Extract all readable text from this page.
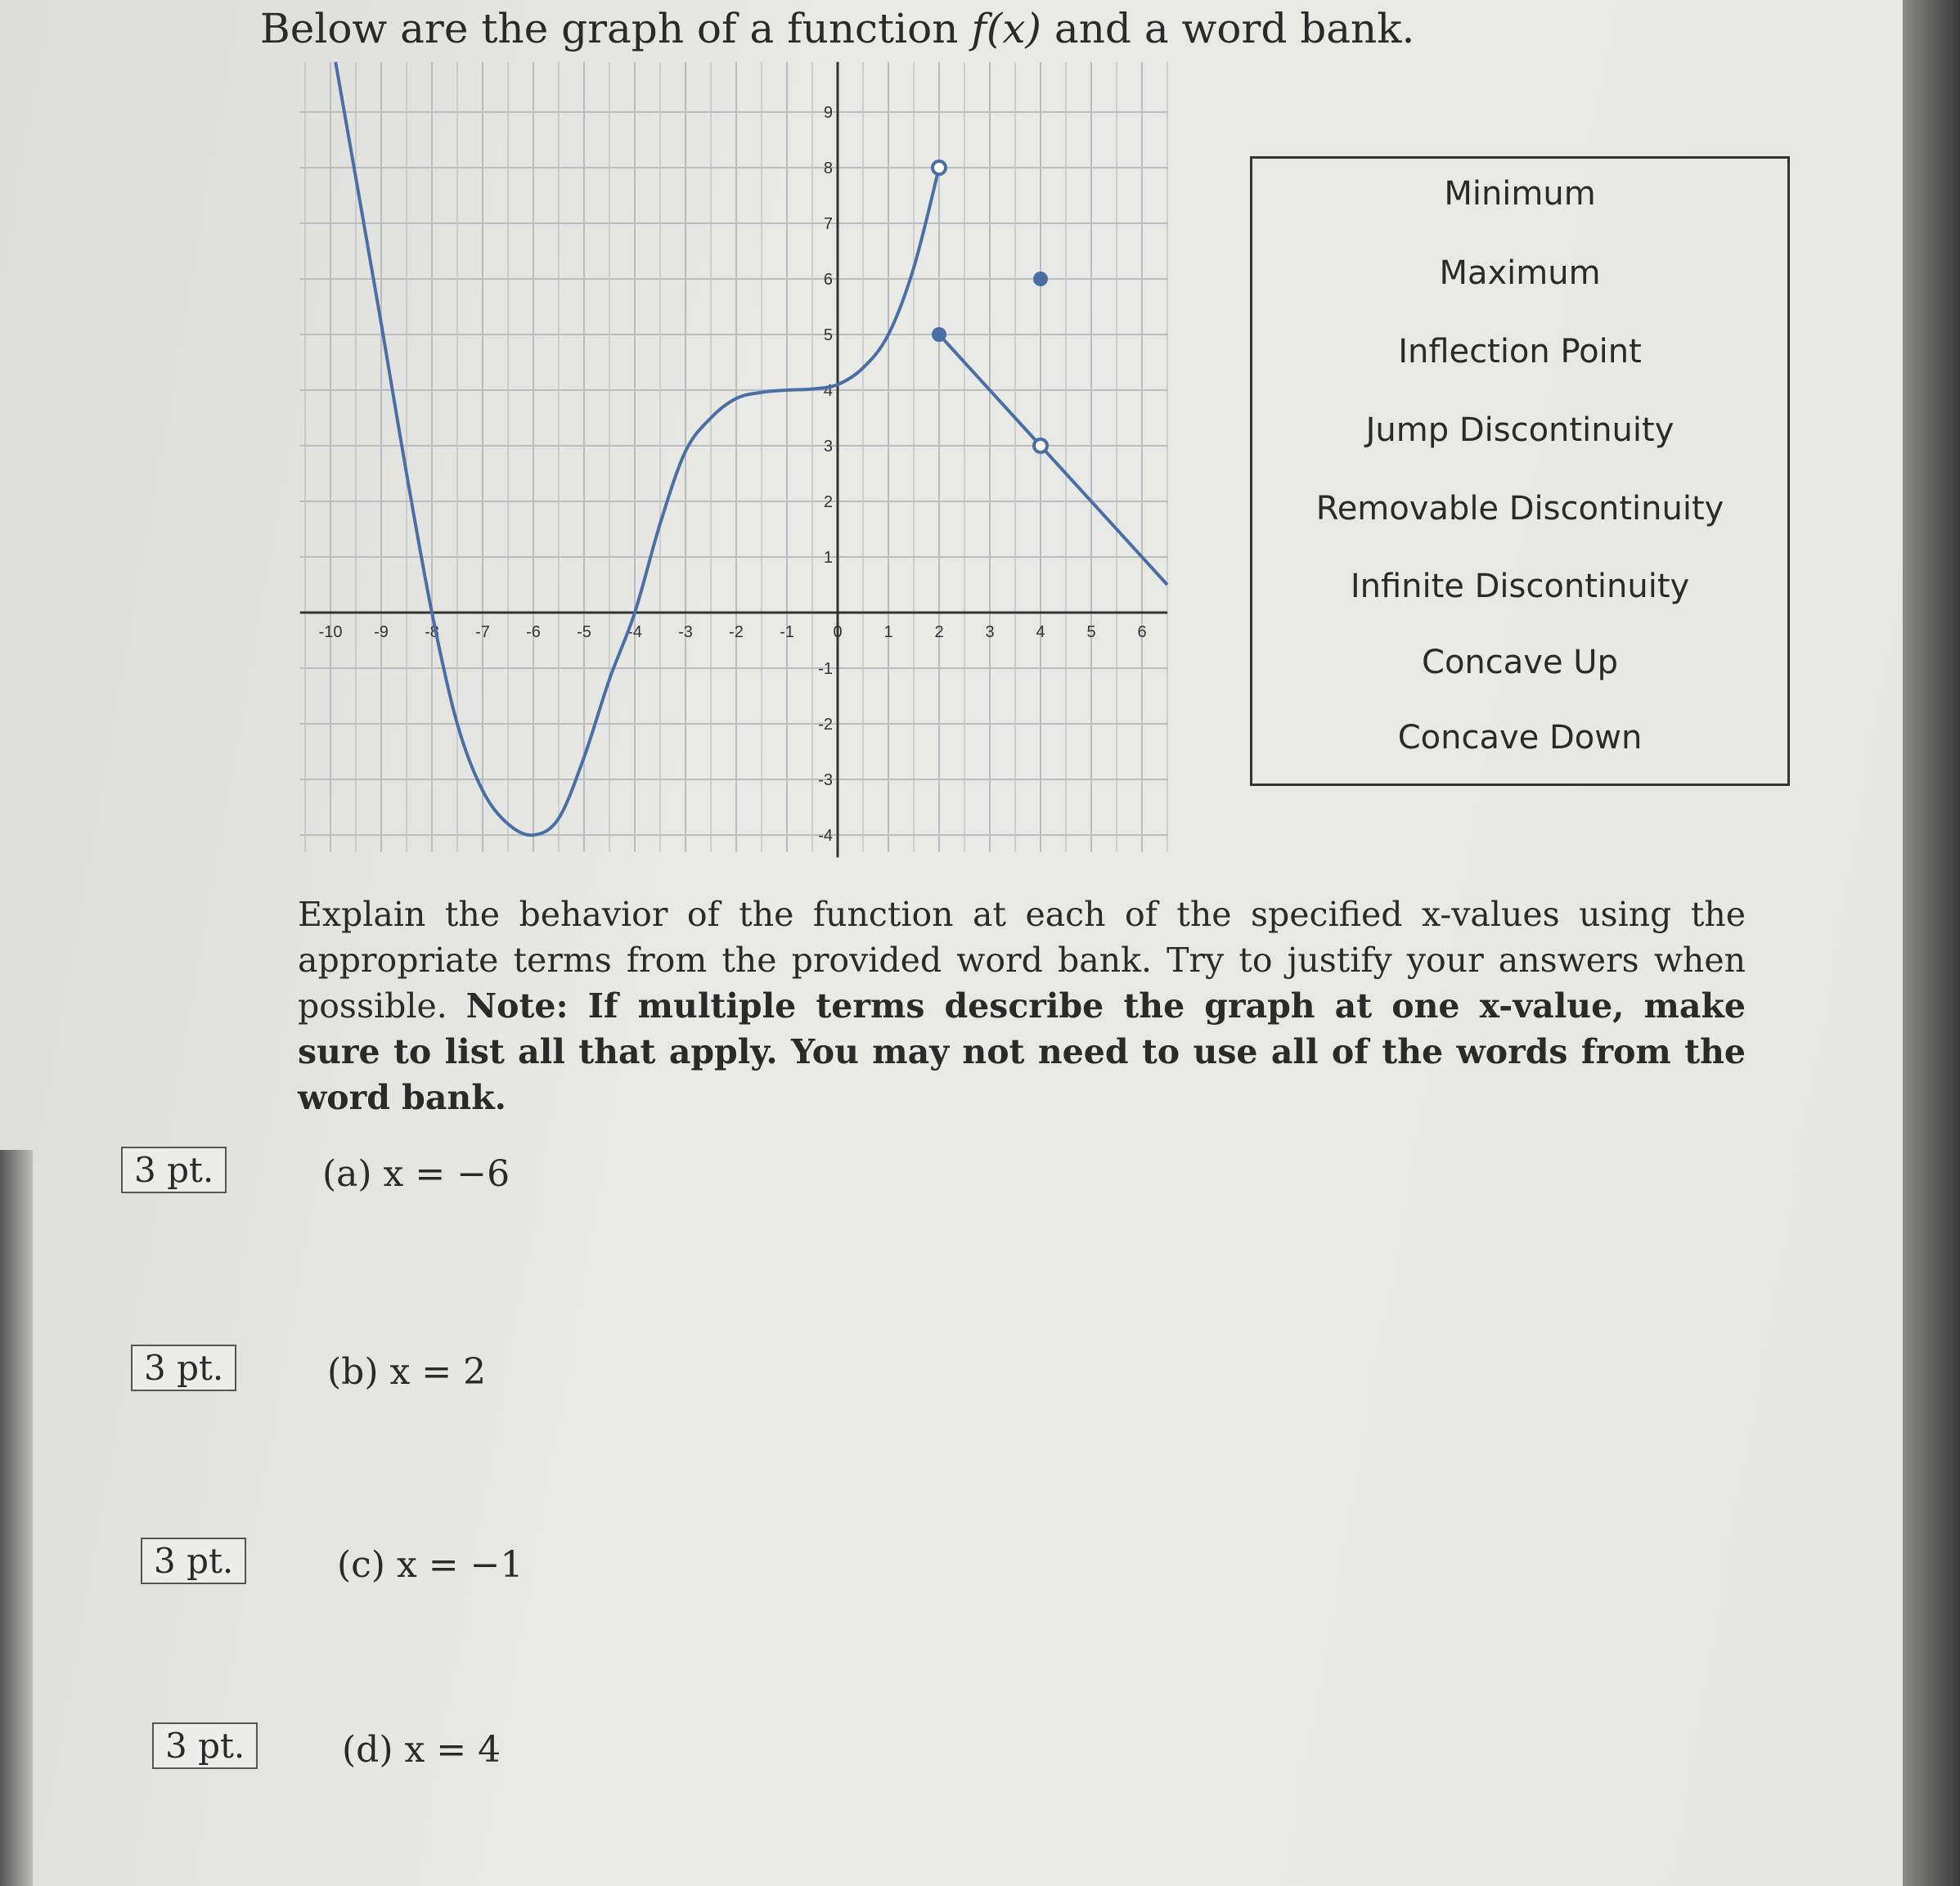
Below are the graph of a function f(x) and a word bank.
-10 -9 -8 -7 -6 -5 -4 -3 -2 -1 0	1	2	3	4	5	6
-4
-3
-2
-1
1
2
3
4
5
6
7
8
9
Minimum
Maximum
Inflection Point
Jump Discontinuity
Removable Discontinuity
Infinite Discontinuity
Concave Up
Concave Down
Explain the behavior of the function at each of the specified x-values using the appropriate terms from the provided word bank. Try to justify your answers when possible. Note: If multiple terms describe the graph at one x-value, make sure to list all that apply. You may not need to use all of the words from the word bank.
3 pt.	(a) x = −6
3 pt.	(b) x = 2
3 pt.	(c) x = −1
3 pt.	(d) x = 4
